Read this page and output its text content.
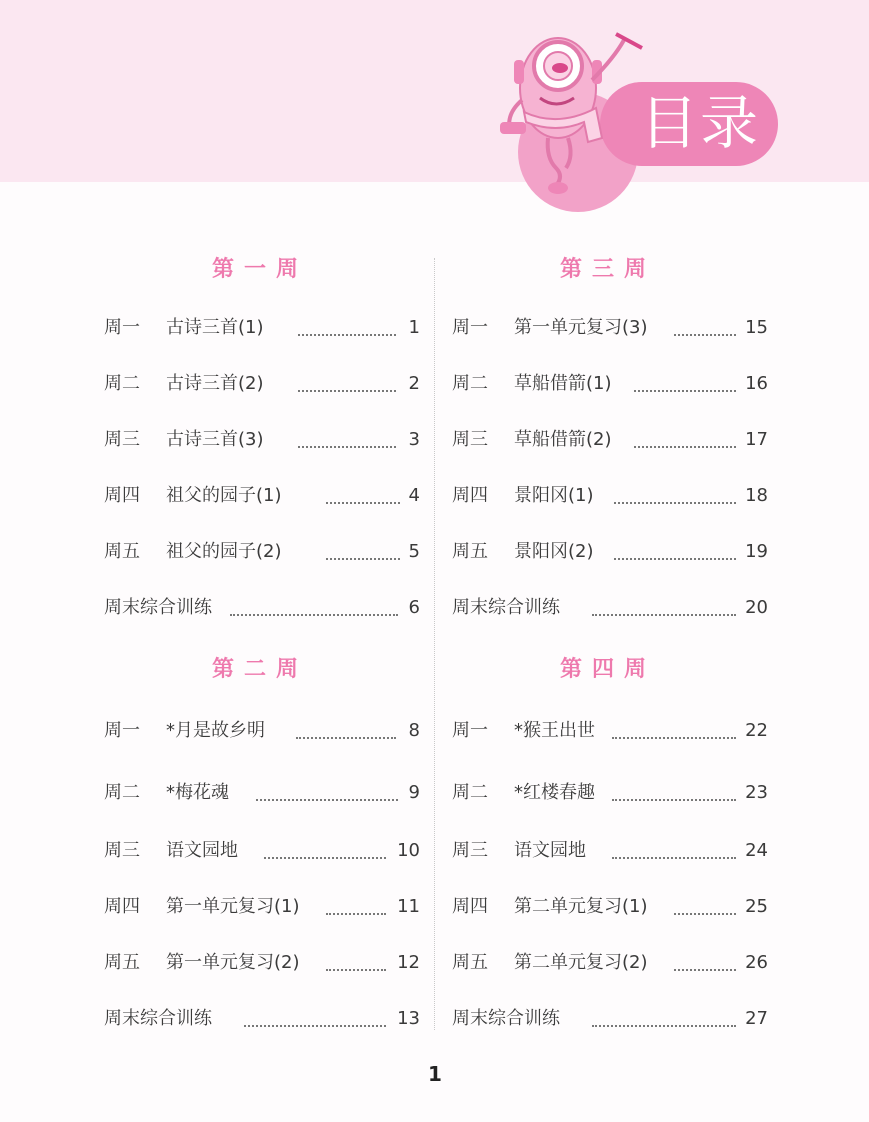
目录
第一周
第二周
第三周
第四周
周一 古诗三首(1)	1
周二 古诗三首(2)	2
周三 古诗三首(3)	3
周四 祖父的园子(1)	4
周五 祖父的园子(2)	5
周末综合训练	6
周一 *月是故乡明	8
周二 *梅花魂	9
周三 语文园地	10
周四 第一单元复习(1)	11
周五 第一单元复习(2)	12
周末综合训练	13
周一 第一单元复习(3)	15
周二 草船借箭(1)	16
周三 草船借箭(2)	17
周四 景阳冈(1)	18
周五 景阳冈(2)	19
周末综合训练	20
周一 *猴王出世	22
周二 *红楼春趣	23
周三 语文园地	24
周四 第二单元复习(1)	25
周五 第二单元复习(2)	26
周末综合训练	27
1
